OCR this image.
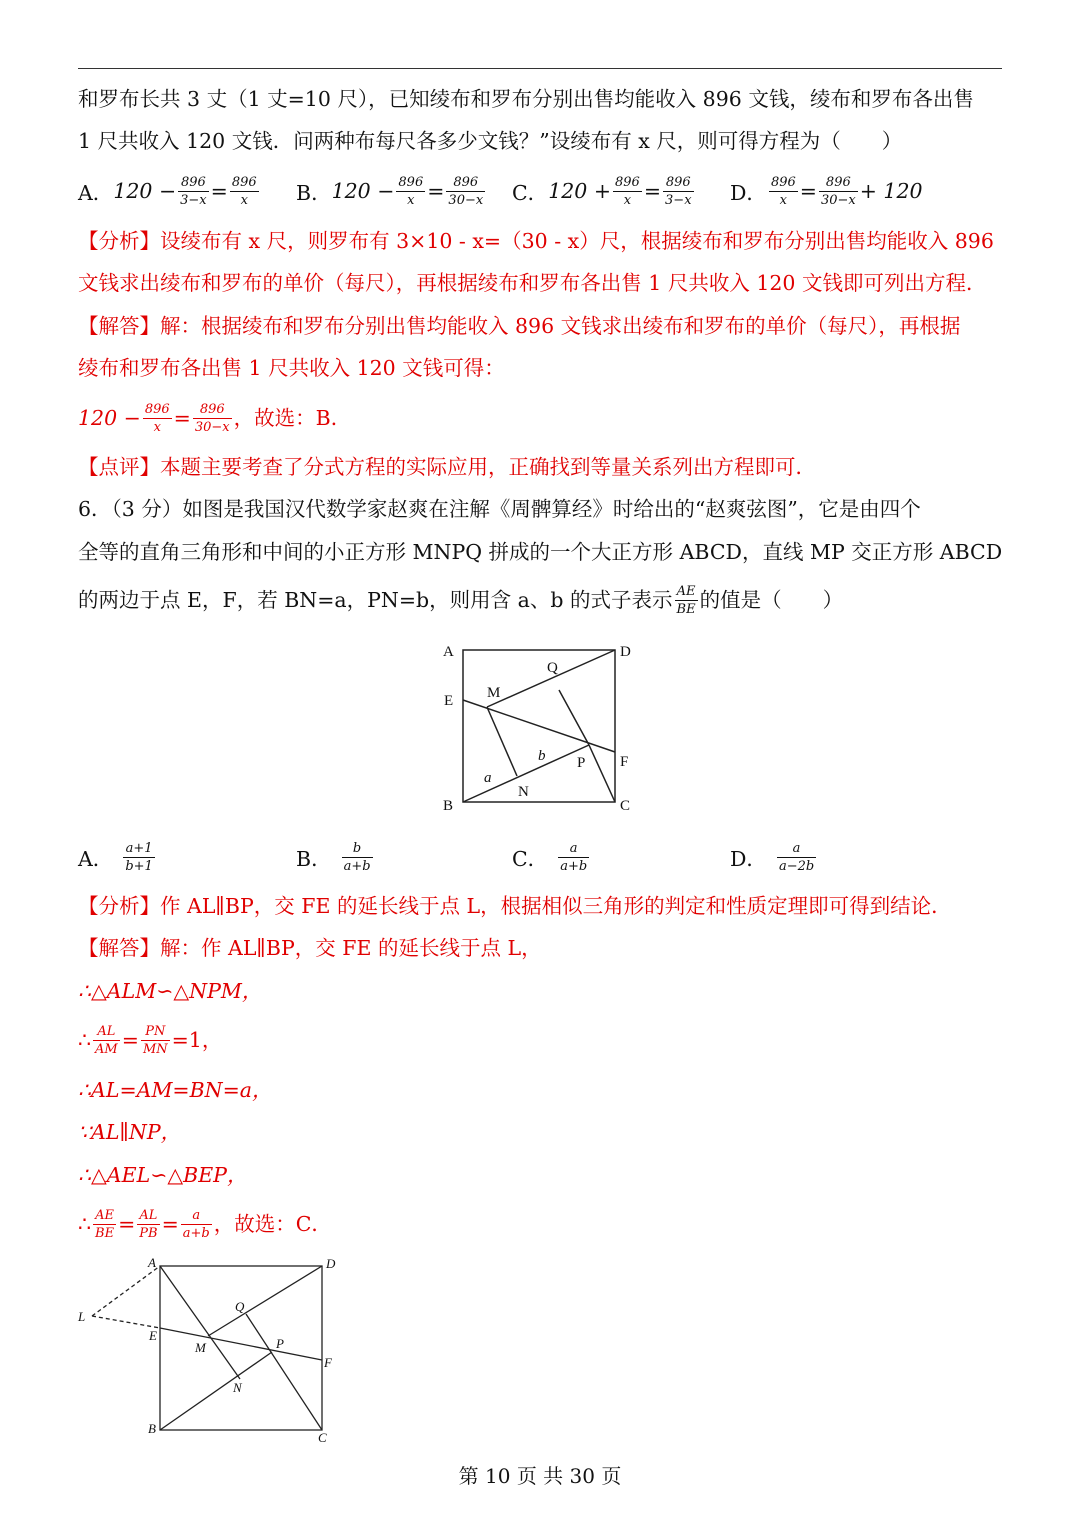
和罗布长共 3 丈（1 丈=10 尺），已知绫布和罗布分别出售均能收入 896 文钱，绫布和罗布各出售
1 尺共收入 120 文钱．问两种布每尺各多少文钱？”设绫布有 x 尺，则可得方程为（　　）
A． $120 - \frac{896}{3-x} = \frac{896}{x}$ B． $120 - \frac{896}{x} = \frac{896}{30-x}$ C． $120 + \frac{896}{x} = \frac{896}{3-x}$ D． $\frac{896}{x} = \frac{896}{30-x} + 120$
【分析】设绫布有 x 尺，则罗布有 3×10 - x=（30 - x）尺，根据绫布和罗布分别出售均能收入 896
文钱求出绫布和罗布的单价（每尺），再根据绫布和罗布各出售 1 尺共收入 120 文钱即可列出方程．
【解答】解：根据绫布和罗布分别出售均能收入 896 文钱求出绫布和罗布的单价（每尺），再根据
绫布和罗布各出售 1 尺共收入 120 文钱可得：
$120 - \frac{896}{x} = \frac{896}{30-x}$ ，故选：B．
【点评】本题主要考查了分式方程的实际应用，正确找到等量关系列出方程即可．
6．（3 分）如图是我国汉代数学家赵爽在注解《周髀算经》时给出的“赵爽弦图”，它是由四个
全等的直角三角形和中间的小正方形 MNPQ 拼成的一个大正方形 ABCD，直线 MP 交正方形 ABCD
的两边于点 E，F，若 BN=a，PN=b，则用含 a、b 的式子表示 $\frac{AE}{BE}$ 的值是（　　）
A	D
Q
E M
b P F
a
N
B	C
A． $\frac{a+1}{b+1}$	B． $\frac{b}{a+b}$	C． $\frac{a}{a+b}$	D． $\frac{a}{a-2b}$
【分析】作 AL∥BP，交 FE 的延长线于点 L，根据相似三角形的判定和性质定理即可得到结论．
【解答】解：作 AL∥BP，交 FE 的延长线于点 L，
∴△ALM∽△NPM，
∴ $\frac{AL}{AM} = \frac{PN}{MN} =1$，
∴AL=AM=BN=a，
∵AL∥NP，
∴△AEL∽△BEP，
∴ $\frac{AE}{BE} = \frac{AL}{PB} = \frac{a}{a+b}$ ，故选：C．
A	D
L
Q
E
M	P
F
N
B
C
第 10 页 共 30 页
